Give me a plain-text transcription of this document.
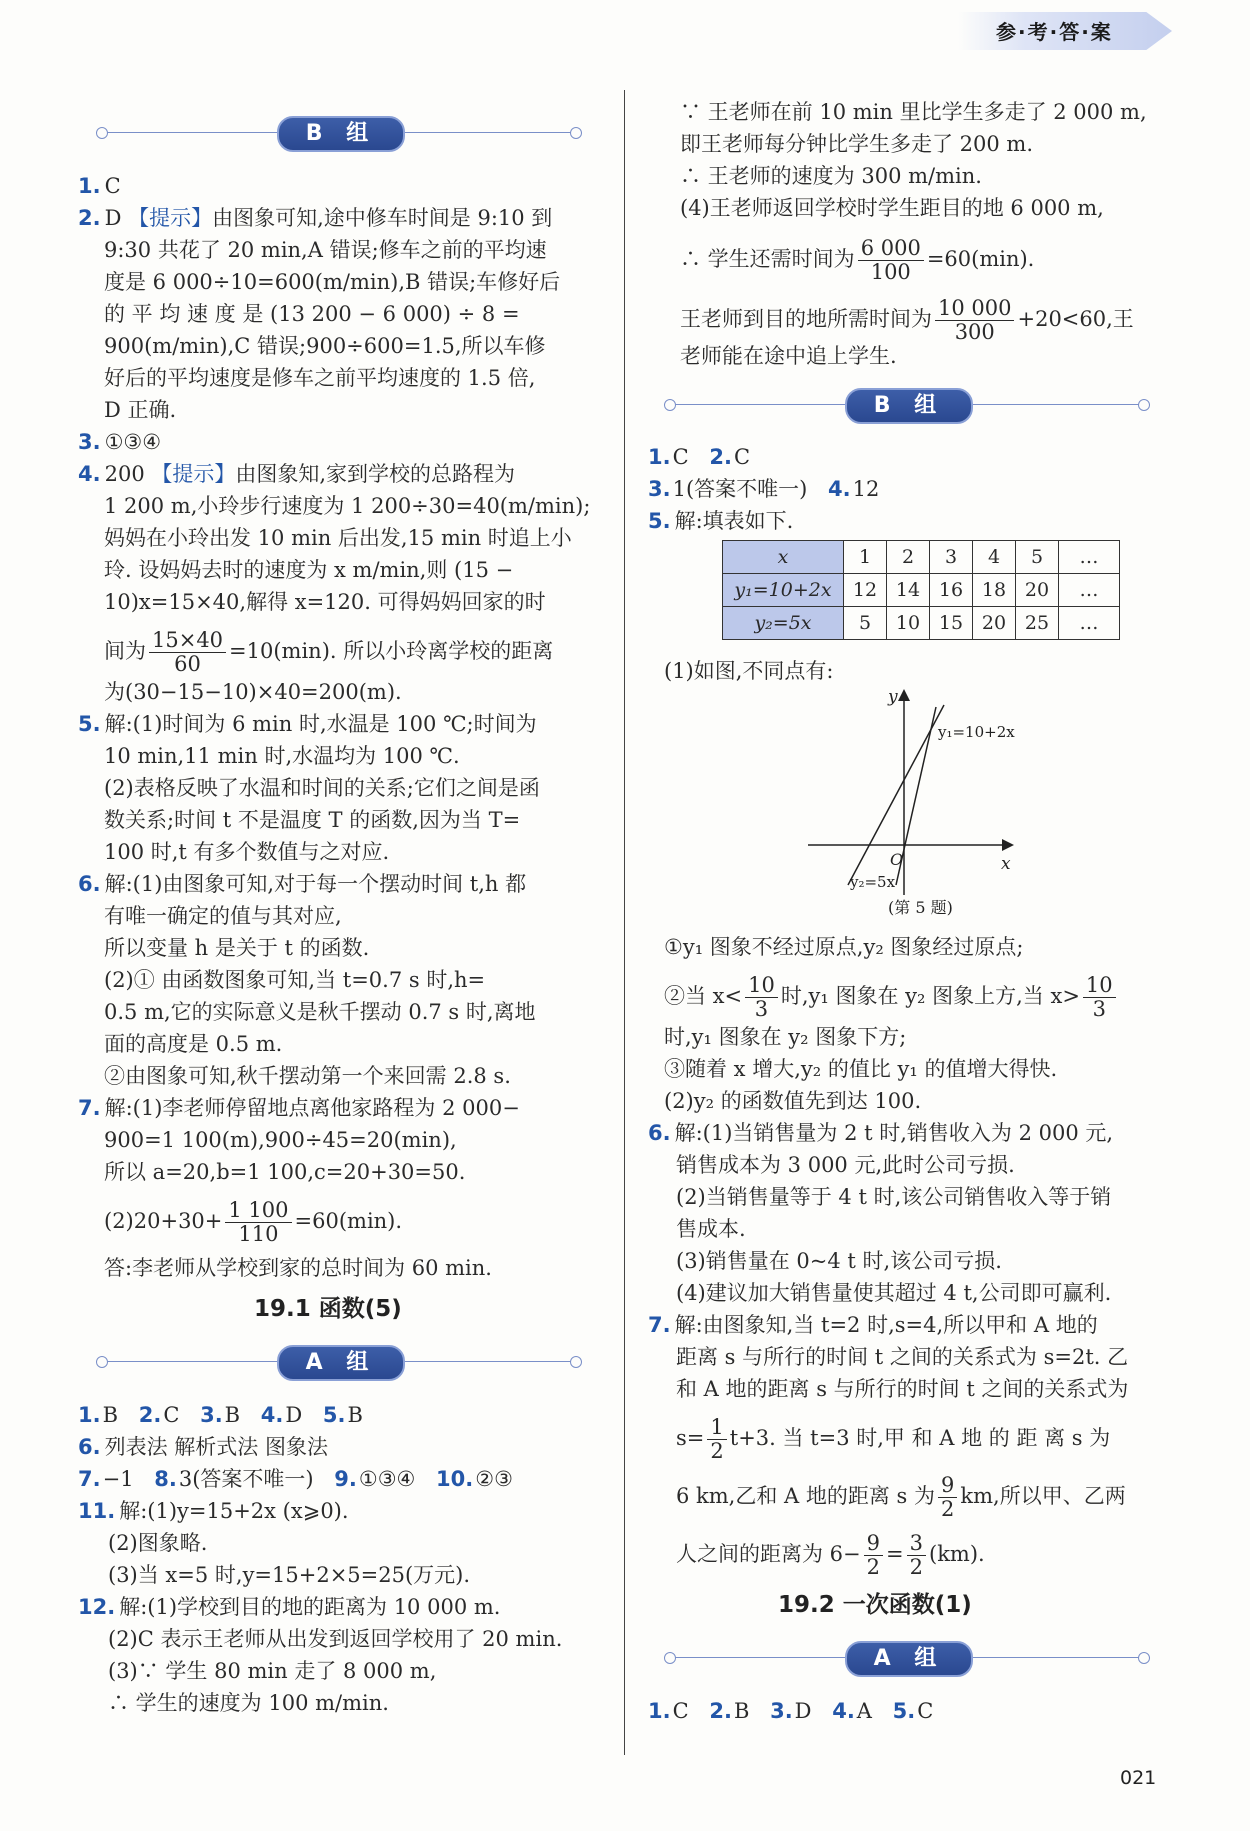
参·考·答·案
B 组
1. C
2. D 【提示】由图象可知,途中修车时间是 9:10 到
9:30 共花了 20 min,A 错误;修车之前的平均速
度是 6 000÷10=600(m/min),B 错误;车修好后
的 平 均 速 度 是 (13 200 − 6 000) ÷ 8 =
900(m/min),C 错误;900÷600=1.5,所以车修
好后的平均速度是修车之前平均速度的 1.5 倍,
D 正确.
3. ①③④
4. 200 【提示】由图象知,家到学校的总路程为
1 200 m,小玲步行速度为 1 200÷30=40(m/min);
妈妈在小玲出发 10 min 后出发,15 min 时追上小
玲. 设妈妈去时的速度为 x m/min,则 (15 −
10)x=15×40,解得 x=120. 可得妈妈回家的时
间为 $\frac{15\times 40}{60} =10(\min)$. 所以小玲离学校的距离
为(30−15−10)×40=200(m).
5. 解:(1)时间为 6 min 时,水温是 100 ℃;时间为
10 min,11 min 时,水温均为 100 ℃.
(2)表格反映了水温和时间的关系;它们之间是函
数关系;时间 t 不是温度 T 的函数,因为当 T=
100 时,t 有多个数值与之对应.
6. 解:(1)由图象可知,对于每一个摆动时间 t,h 都
有唯一确定的值与其对应,
所以变量 h 是关于 t 的函数.
(2)① 由函数图象可知,当 t=0.7 s 时,h=
0.5 m,它的实际意义是秋千摆动 0.7 s 时,离地
面的高度是 0.5 m.
②由图象可知,秋千摆动第一个来回需 2.8 s.
7. 解:(1)李老师停留地点离他家路程为 2 000−
900=1 100(m),900÷45=20(min),
所以 a=20,b=1 100,c=20+30=50.
$(2)20+30+ \frac{1 100}{110} =60(\min)$.
答:李老师从学校到家的总时间为 60 min.
19.1 函数(5)
A 组
1.B 2.C 3.B 4.D 5.B
6. 列表法 解析式法 图象法
7.−1 8.3(答案不唯一) 9.①③④ 10.②③
11. 解:(1)y=15+2x (x⩾0).
(2)图象略.
(3)当 x=5 时,y=15+2×5=25(万元).
12. 解:(1)学校到目的地的距离为 10 000 m.
(2)C 表示王老师从出发到返回学校用了 20 min.
(3)∵ 学生 80 min 走了 8 000 m,
∴ 学生的速度为 100 m/min.
∵ 王老师在前 10 min 里比学生多走了 2 000 m,
即王老师每分钟比学生多走了 200 m.
∴ 王老师的速度为 300 m/min.
(4)王老师返回学校时学生距目的地 6 000 m,
∴ 学生还需时间为 $\frac{6 000}{100} =60(\min)$.
王老师到目的地所需时间为 $\frac{10 000}{300} +20<60$,王
老师能在途中追上学生.
B 组
1.C 2.C
3.1(答案不唯一) 4.12
5. 解:填表如下.
x	1	2	3	4	5	…
y₁=10+2x	12	14	16	18	20	…
y₂=5x	5	10	15	20	25	…
(1)如图,不同点有:
y
x
O
y₁=10+2x
y₂=5x
(第 5 题)
①y₁ 图象不经过原点,y₂ 图象经过原点;
②当 $x< \frac{10}{3}$ 时,y₁ 图象在 y₂ 图象上方,当 $x> \frac{10}{3}$
时,y₁ 图象在 y₂ 图象下方;
③随着 x 增大,y₂ 的值比 y₁ 的值增大得快.
(2)y₂ 的函数值先到达 100.
6. 解:(1)当销售量为 2 t 时,销售收入为 2 000 元,
销售成本为 3 000 元,此时公司亏损.
(2)当销售量等于 4 t 时,该公司销售收入等于销
售成本.
(3)销售量在 0~4 t 时,该公司亏损.
(4)建议加大销售量使其超过 4 t,公司即可赢利.
7. 解:由图象知,当 t=2 时,s=4,所以甲和 A 地的
距离 s 与所行的时间 t 之间的关系式为 s=2t. 乙
和 A 地的距离 s 与所行的时间 t 之间的关系式为
$s= \frac{1}{2} t+3$. 当 t=3 时,甲 和 A 地 的 距 离 s 为
6 km,乙和 A 地的距离 s 为 $\frac{9}{2}$ km,所以甲、乙两
人之间的距离为 $6- \frac{9}{2} = \frac{3}{2} (km)$.
19.2 一次函数(1)
A 组
1.C 2.B 3.D 4.A 5.C
021
